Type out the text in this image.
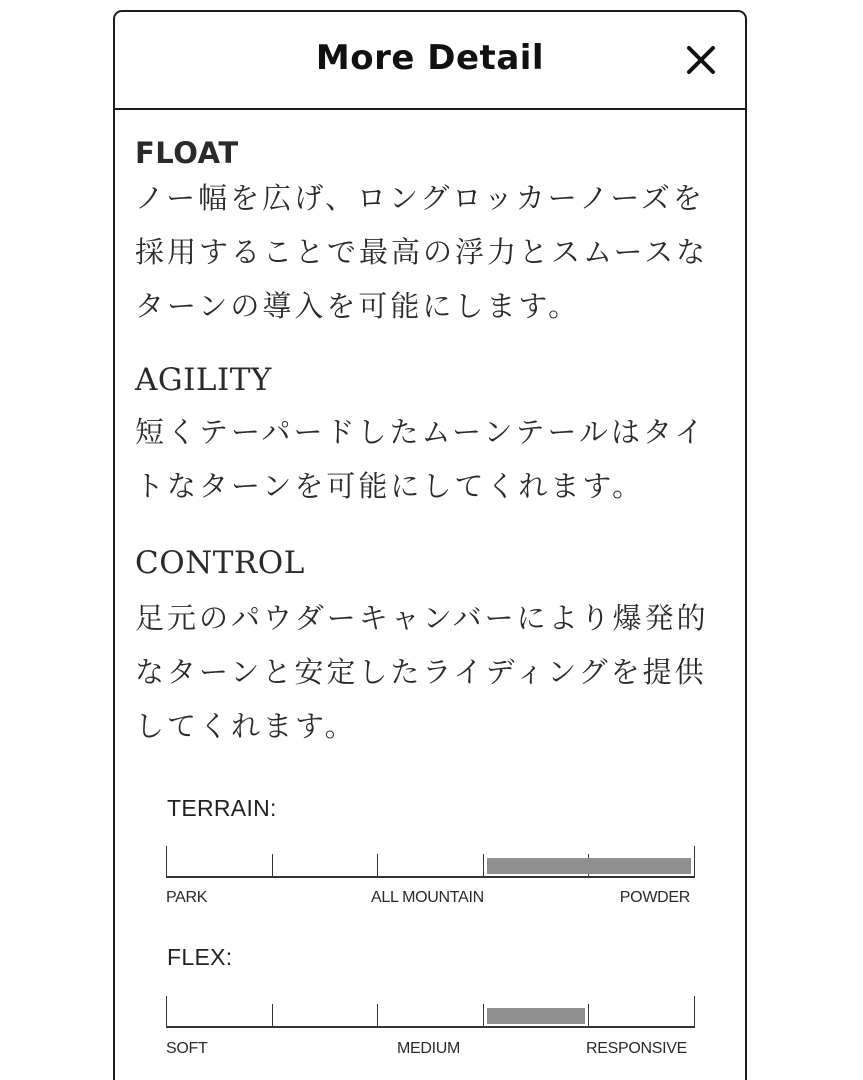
More Detail
FLOAT
ノー幅を広げ、ロングロッカーノーズを
採用することで最高の浮力とスムースな
ターンの導入を可能にします。
AGILITY
短くテーパードしたムーンテールはタイ
トなターンを可能にしてくれます。
CONTROL
足元のパウダーキャンバーにより爆発的
なターンと安定したライディングを提供
してくれます。
TERRAIN:
PARK	ALL MOUNTAIN	POWDER
FLEX:
SOFT	MEDIUM	RESPONSIVE
